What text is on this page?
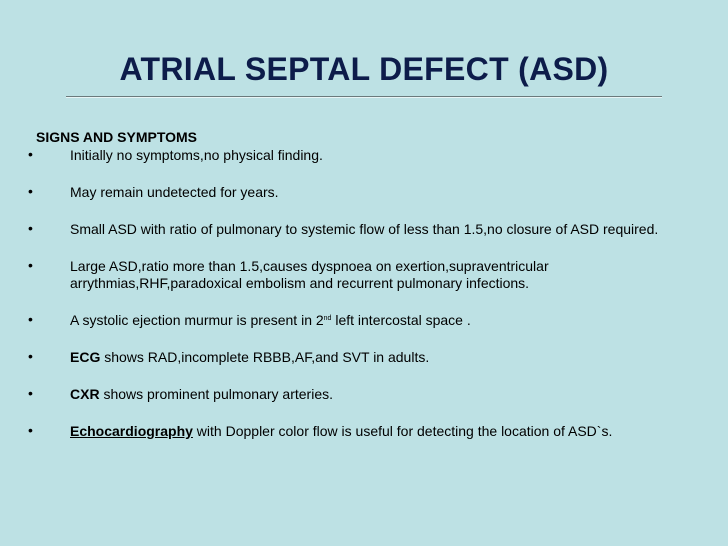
ATRIAL SEPTAL DEFECT (ASD)
SIGNS AND SYMPTOMS
•	Initially no symptoms,no physical finding.
•	May remain undetected for years.
•	Small ASD with ratio of pulmonary to systemic flow of less than 1.5,no closure of ASD required.
•	Large ASD,ratio more than 1.5,causes dyspnoea on exertion,supraventricular arrythmias,RHF,paradoxical embolism and recurrent pulmonary infections.
•	A systolic ejection murmur is present in 2nd left intercostal space .
•	ECG shows RAD,incomplete RBBB,AF,and SVT in adults.
•	CXR shows prominent pulmonary arteries.
•	Echocardiography with Doppler color flow is useful for detecting the location of ASD`s.
